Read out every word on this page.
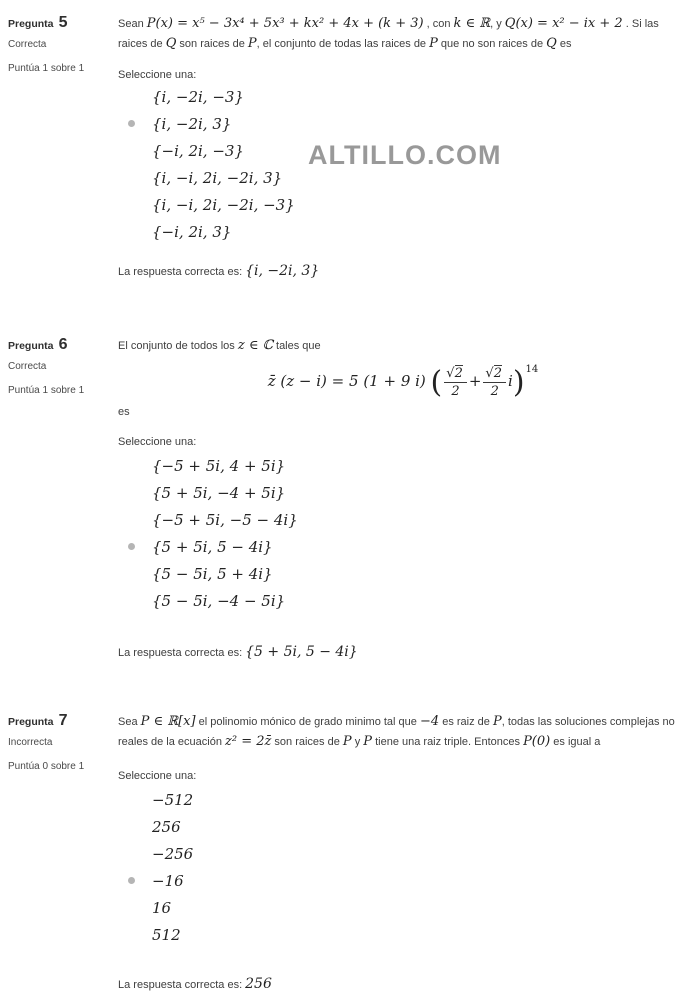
Pregunta 5
Correcta
Puntúa 1 sobre 1
Sean P(x) = x⁵ − 3x⁴ + 5x³ + kx² + 4x + (k + 3) , con k ∈ ℝ, y Q(x) = x² − ix + 2 . Si las raices de Q son raices de P, el conjunto de todas las raices de P que no son raices de Q es
Seleccione una:
{i, −2i, −3}
{i, −2i, 3}
{−i, 2i, −3}
{i, −i, 2i, −2i, 3}
{i, −i, 2i, −2i, −3}
{−i, 2i, 3}
La respuesta correcta es: {i, −2i, 3}
ALTILLO.COM
Pregunta 6
Correcta
Puntúa 1 sobre 1
El conjunto de todos los z ∈ ℂ tales que
z̄ (z − i) = 5 (1 + 9 i) ( $\frac{√2}{2} + \frac{√2}{2} i)^{14}$
es
Seleccione una:
{−5 + 5i, 4 + 5i}
{5 + 5i, −4 + 5i}
{−5 + 5i, −5 − 4i}
{5 + 5i, 5 − 4i}
{5 − 5i, 5 + 4i}
{5 − 5i, −4 − 5i}
La respuesta correcta es: {5 + 5i, 5 − 4i}
Pregunta 7
Incorrecta
Puntúa 0 sobre 1
Sea P ∈ ℝ[x] el polinomio mónico de grado minimo tal que −4 es raiz de P, todas las soluciones complejas no reales de la ecuación z² = 2z̄ son raices de P y P tiene una raiz triple. Entonces P(0) es igual a
Seleccione una:
−512
256
−256
−16
16
512
La respuesta correcta es: 256
